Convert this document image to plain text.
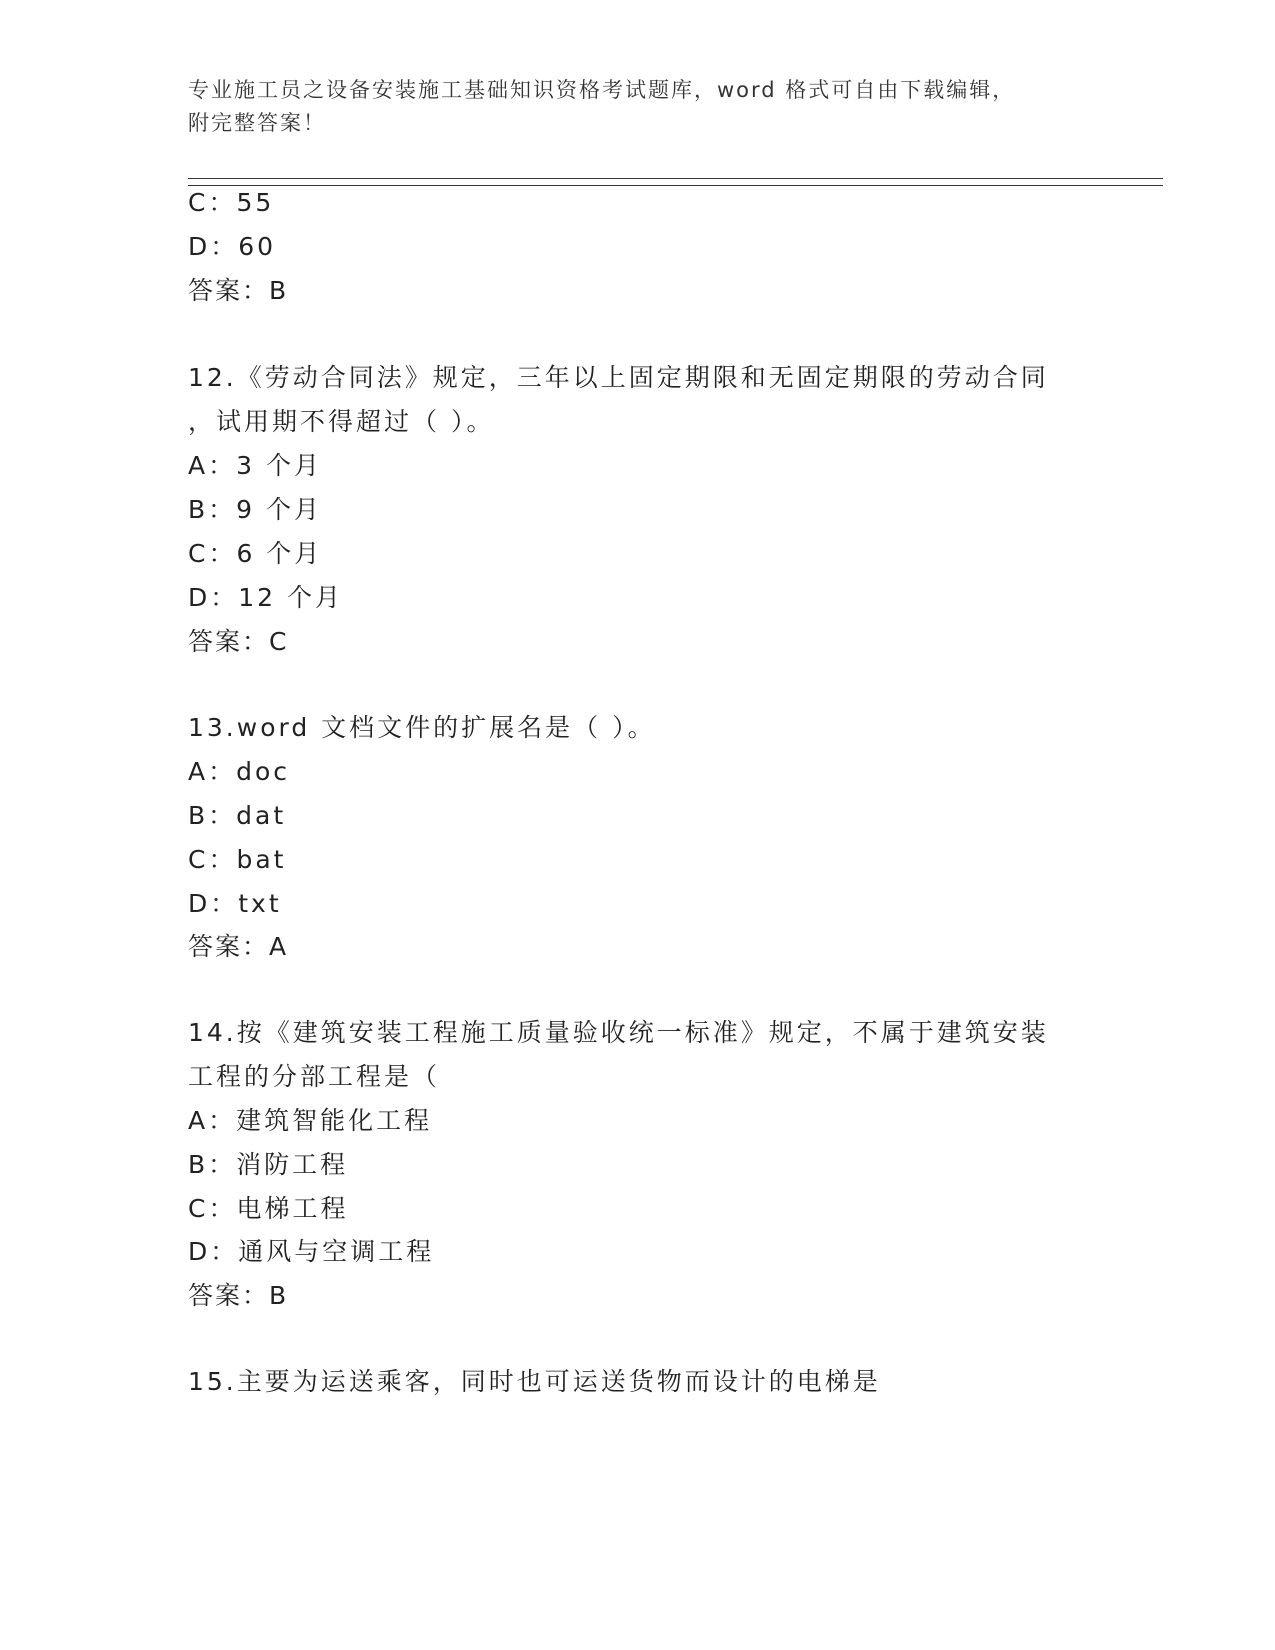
专业施工员之设备安装施工基础知识资格考试题库，word 格式可自由下载编辑，
附完整答案！
C：55
D：60
答案：B
12.《劳动合同法》规定，三年以上固定期限和无固定期限的劳动合同
，试用期不得超过（ ）。
A：3 个月
B：9 个月
C：6 个月
D：12 个月
答案：C
13.word 文档文件的扩展名是（ ）。
A：doc
B：dat
C：bat
D：txt
答案：A
14.按《建筑安装工程施工质量验收统一标准》规定，不属于建筑安装
工程的分部工程是（
A：建筑智能化工程
B：消防工程
C：电梯工程
D：通风与空调工程
答案：B
15.主要为运送乘客，同时也可运送货物而设计的电梯是
